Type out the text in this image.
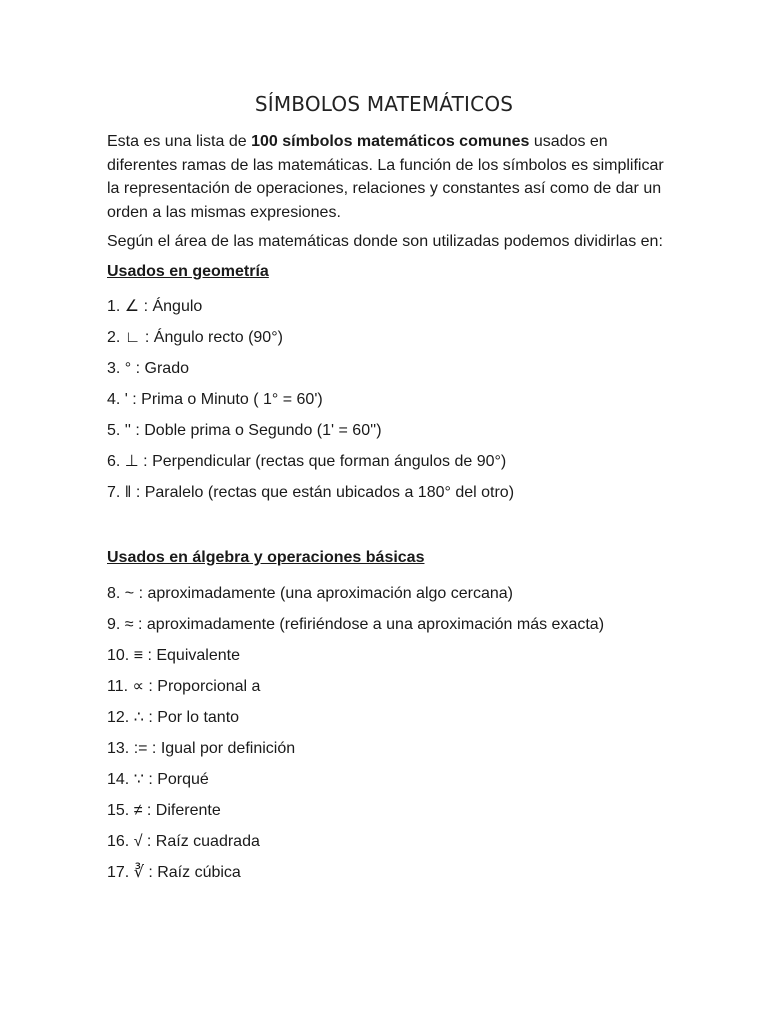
SÍMBOLOS MATEMÁTICOS

Esta es una lista de 100 símbolos matemáticos comunes usados en diferentes ramas de las matemáticas. La función de los símbolos es simplificar la representación de operaciones, relaciones y constantes así como de dar un orden a las mismas expresiones.

Según el área de las matemáticas donde son utilizadas podemos dividirlas en:

Usados en geometría
1. ∠ : Ángulo
2. ∟ : Ángulo recto (90°)
3. ° : Grado
4. ' : Prima o Minuto ( 1° = 60')
5. '' : Doble prima o Segundo (1' = 60'')
6. ⊥ : Perpendicular (rectas que forman ángulos de 90°)
7. ‖ : Paralelo (rectas que están ubicados a 180° del otro)
Usados en álgebra y operaciones básicas
8. ~ : aproximadamente (una aproximación algo cercana)
9. ≈ : aproximadamente (refiriéndose a una aproximación más exacta)
10. ≡ : Equivalente
11. ∝ : Proporcional a
12. ∴ : Por lo tanto
13. := : Igual por definición
14. ∵ : Porqué
15. ≠ : Diferente
16. √ : Raíz cuadrada
17. ∛ : Raíz cúbica
